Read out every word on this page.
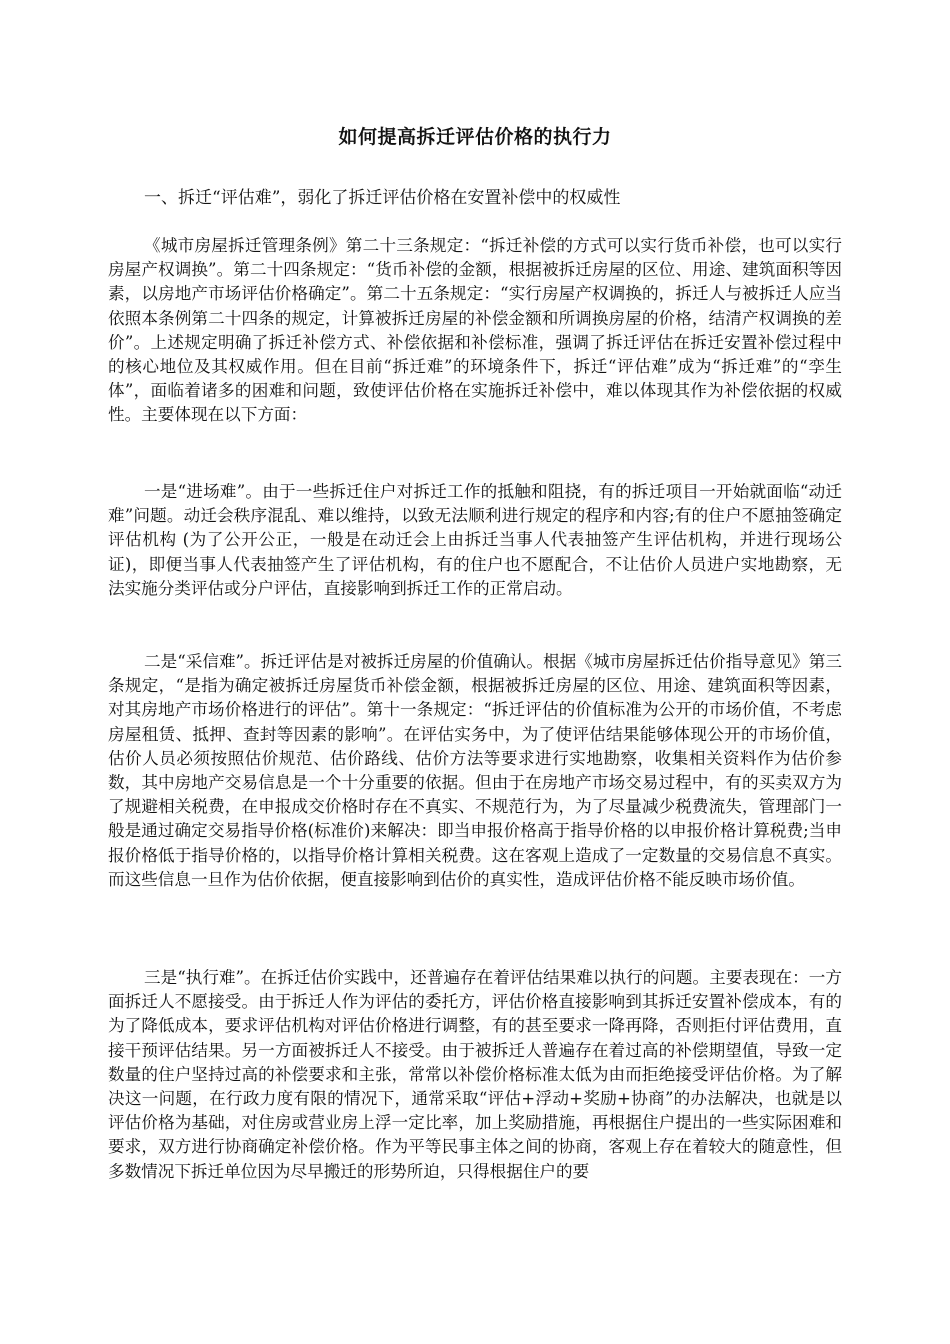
如何提高拆迁评估价格的执行力

一、拆迁“评估难”，弱化了拆迁评估价格在安置补偿中的权威性

《城市房屋拆迁管理条例》第二十三条规定：“拆迁补偿的方式可以实行货币补偿，也可以实行房屋产权调换”。第二十四条规定：“货币补偿的金额，根据被拆迁房屋的区位、用途、建筑面积等因素，以房地产市场评估价格确定”。第二十五条规定：“实行房屋产权调换的，拆迁人与被拆迁人应当依照本条例第二十四条的规定，计算被拆迁房屋的补偿金额和所调换房屋的价格，结清产权调换的差价”。上述规定明确了拆迁补偿方式、补偿依据和补偿标准，强调了拆迁评估在拆迁安置补偿过程中的核心地位及其权威作用。但在目前“拆迁难”的环境条件下，拆迁“评估难”成为“拆迁难”的“孪生体”，面临着诸多的困难和问题，致使评估价格在实施拆迁补偿中，难以体现其作为补偿依据的权威性。主要体现在以下方面：

一是“进场难”。由于一些拆迁住户对拆迁工作的抵触和阻挠，有的拆迁项目一开始就面临“动迁难”问题。动迁会秩序混乱、难以维持，以致无法顺利进行规定的程序和内容;有的住户不愿抽签确定评估机构 (为了公开公正，一般是在动迁会上由拆迁当事人代表抽签产生评估机构，并进行现场公证)，即便当事人代表抽签产生了评估机构，有的住户也不愿配合，不让估价人员进户实地勘察，无法实施分类评估或分户评估，直接影响到拆迁工作的正常启动。

二是“采信难”。拆迁评估是对被拆迁房屋的价值确认。根据《城市房屋拆迁估价指导意见》第三条规定，“是指为确定被拆迁房屋货币补偿金额，根据被拆迁房屋的区位、用途、建筑面积等因素，对其房地产市场价格进行的评估”。第十一条规定：“拆迁评估的价值标准为公开的市场价值，不考虑房屋租赁、抵押、查封等因素的影响”。在评估实务中，为了使评估结果能够体现公开的市场价值，估价人员必须按照估价规范、估价路线、估价方法等要求进行实地勘察，收集相关资料作为估价参数，其中房地产交易信息是一个十分重要的依据。但由于在房地产市场交易过程中，有的买卖双方为了规避相关税费，在申报成交价格时存在不真实、不规范行为，为了尽量减少税费流失，管理部门一般是通过确定交易指导价格(标准价)来解决：即当申报价格高于指导价格的以申报价格计算税费;当申报价格低于指导价格的，以指导价格计算相关税费。这在客观上造成了一定数量的交易信息不真实。而这些信息一旦作为估价依据，便直接影响到估价的真实性，造成评估价格不能反映市场价值。

三是“执行难”。在拆迁估价实践中，还普遍存在着评估结果难以执行的问题。主要表现在：一方面拆迁人不愿接受。由于拆迁人作为评估的委托方，评估价格直接影响到其拆迁安置补偿成本，有的为了降低成本，要求评估机构对评估价格进行调整，有的甚至要求一降再降，否则拒付评估费用，直接干预评估结果。另一方面被拆迁人不接受。由于被拆迁人普遍存在着过高的补偿期望值，导致一定数量的住户坚持过高的补偿要求和主张，常常以补偿价格标准太低为由而拒绝接受评估价格。为了解决这一问题，在行政力度有限的情况下，通常采取“评估+浮动+奖励+协商”的办法解决，也就是以评估价格为基础，对住房或营业房上浮一定比率，加上奖励措施，再根据住户提出的一些实际困难和要求，双方进行协商确定补偿价格。作为平等民事主体之间的协商，客观上存在着较大的随意性，但多数情况下拆迁单位因为尽早搬迁的形势所迫，只得根据住户的要
